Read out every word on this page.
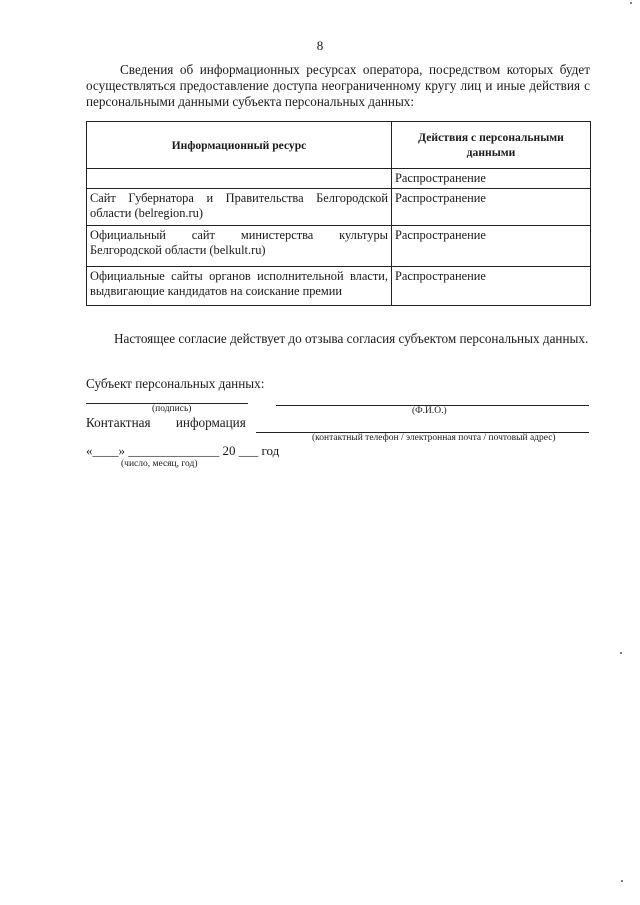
8
Сведения об информационных ресурсах оператора, посредством которых будет осуществляться предоставление доступа неограниченному кругу лиц и иные действия с персональными данными субъекта персональных данных:
Информационный ресурс	Действия с персональными данными
	Распространение
Сайт Губернатора и Правительства Белгородской области (belregion.ru)	Распространение
Официальный сайт министерства культуры Белгородской области (belkult.ru)	Распространение
Официальные сайты органов исполнительной власти, выдвигающие кандидатов на соискание премии	Распространение
Настоящее согласие действует до отзыва согласия субъектом персональных данных.
Субъект персональных данных:
(подпись)	(Ф.И.О.)
Контактная информация
(контактный телефон / электронная почта / почтовый адрес)
«____» ______________ 20 ___ год
(число, месяц, год)
